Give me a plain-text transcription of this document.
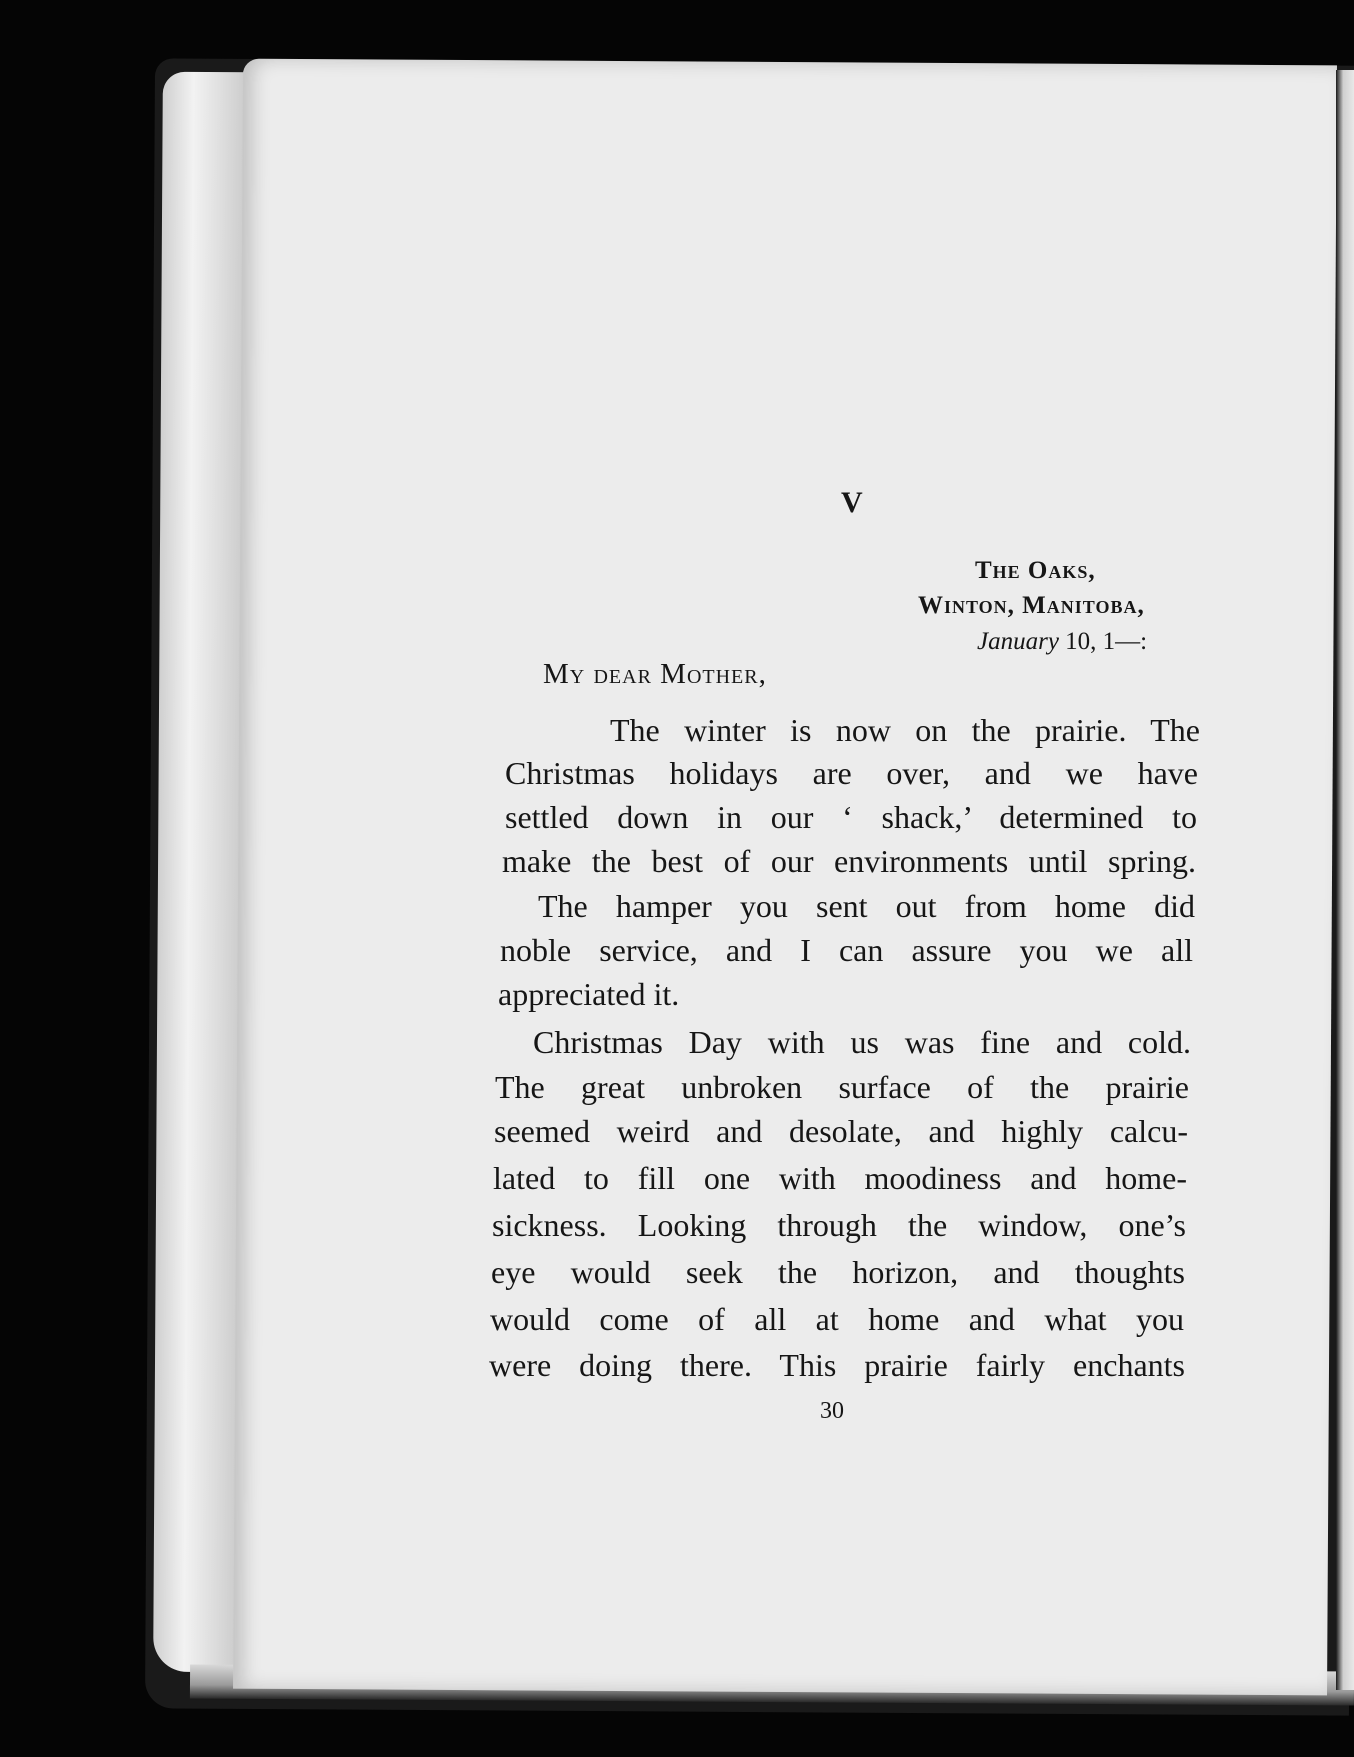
V
The Oaks,
Winton, Manitoba,
January 10, 1—:
My dear Mother,
The winter is now on the prairie. The
Christmas holidays are over, and we have
settled down in our ‘ shack,’ determined to
make the best of our environments until spring.
The hamper you sent out from home did
noble service, and I can assure you we all
appreciated it.
Christmas Day with us was fine and cold.
The great unbroken surface of the prairie
seemed weird and desolate, and highly calcu-
lated to fill one with moodiness and home-
sickness. Looking through the window, one’s
eye would seek the horizon, and thoughts
would come of all at home and what you
were doing there. This prairie fairly enchants
30
